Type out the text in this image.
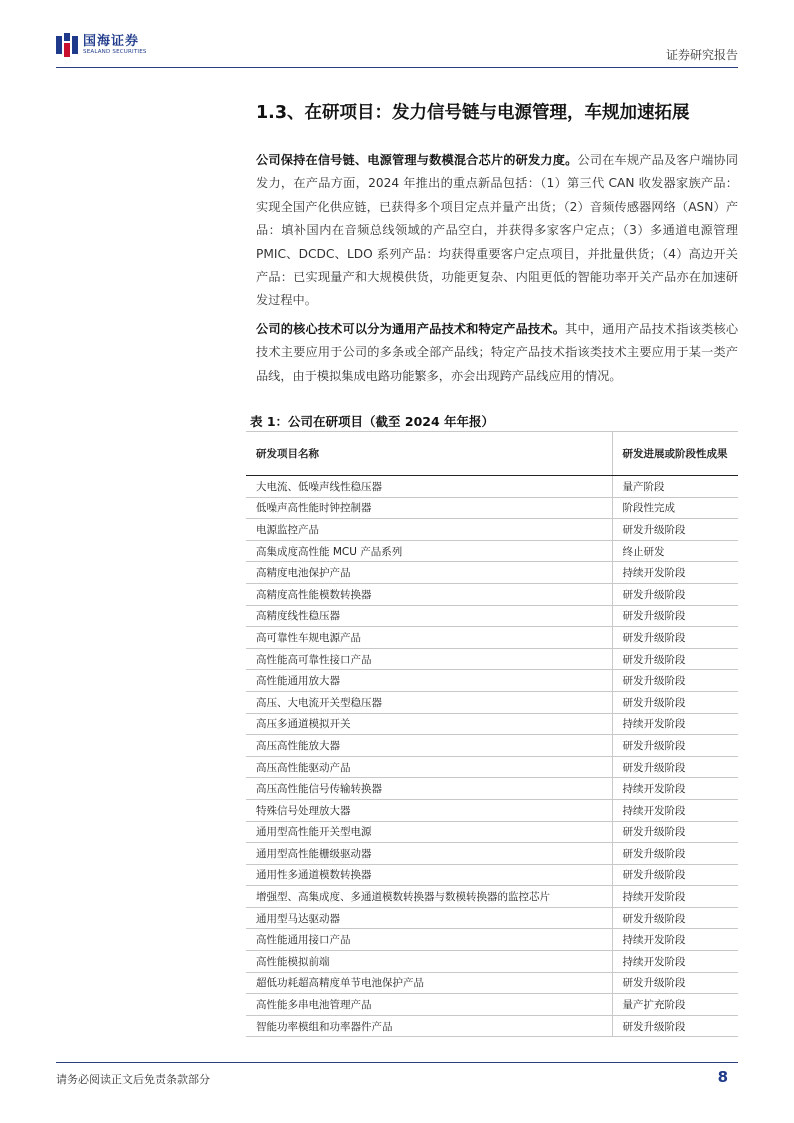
国海证券
SEALAND SECURITIES	证券研究报告
1.3、在研项目：发力信号链与电源管理，车规加速拓展

公司保持在信号链、电源管理与数模混合芯片的研发力度。公司在车规产品及客户端协同发力，在产品方面，2024 年推出的重点新品包括：（1）第三代 CAN 收发器家族产品：实现全国产化供应链，已获得多个项目定点并量产出货；（2）音频传感器网络（ASN）产品：填补国内在音频总线领域的产品空白，并获得多家客户定点；（3）多通道电源管理 PMIC、DCDC、LDO 系列产品：均获得重要客户定点项目，并批量供货；（4）高边开关产品：已实现量产和大规模供货，功能更复杂、内阻更低的智能功率开关产品亦在加速研发过程中。

公司的核心技术可以分为通用产品技术和特定产品技术。其中，通用产品技术指该类核心技术主要应用于公司的多条或全部产品线；特定产品技术指该类技术主要应用于某一类产品线，由于模拟集成电路功能繁多，亦会出现跨产品线应用的情况。

表 1：公司在研项目（截至 2024 年年报）
研发项目名称	研发进展或阶段性成果
大电流、低噪声线性稳压器	量产阶段
低噪声高性能时钟控制器	阶段性完成
电源监控产品	研发升级阶段
高集成度高性能 MCU 产品系列	终止研发
高精度电池保护产品	持续开发阶段
高精度高性能模数转换器	研发升级阶段
高精度线性稳压器	研发升级阶段
高可靠性车规电源产品	研发升级阶段
高性能高可靠性接口产品	研发升级阶段
高性能通用放大器	研发升级阶段
高压、大电流开关型稳压器	研发升级阶段
高压多通道模拟开关	持续开发阶段
高压高性能放大器	研发升级阶段
高压高性能驱动产品	研发升级阶段
高压高性能信号传输转换器	持续开发阶段
特殊信号处理放大器	持续开发阶段
通用型高性能开关型电源	研发升级阶段
通用型高性能栅级驱动器	研发升级阶段
通用性多通道模数转换器	研发升级阶段
增强型、高集成度、多通道模数转换器与数模转换器的监控芯片	持续开发阶段
通用型马达驱动器	研发升级阶段
高性能通用接口产品	持续开发阶段
高性能模拟前端	持续开发阶段
超低功耗超高精度单节电池保护产品	研发升级阶段
高性能多串电池管理产品	量产扩充阶段
智能功率模组和功率器件产品	研发升级阶段
请务必阅读正文后免责条款部分	8
